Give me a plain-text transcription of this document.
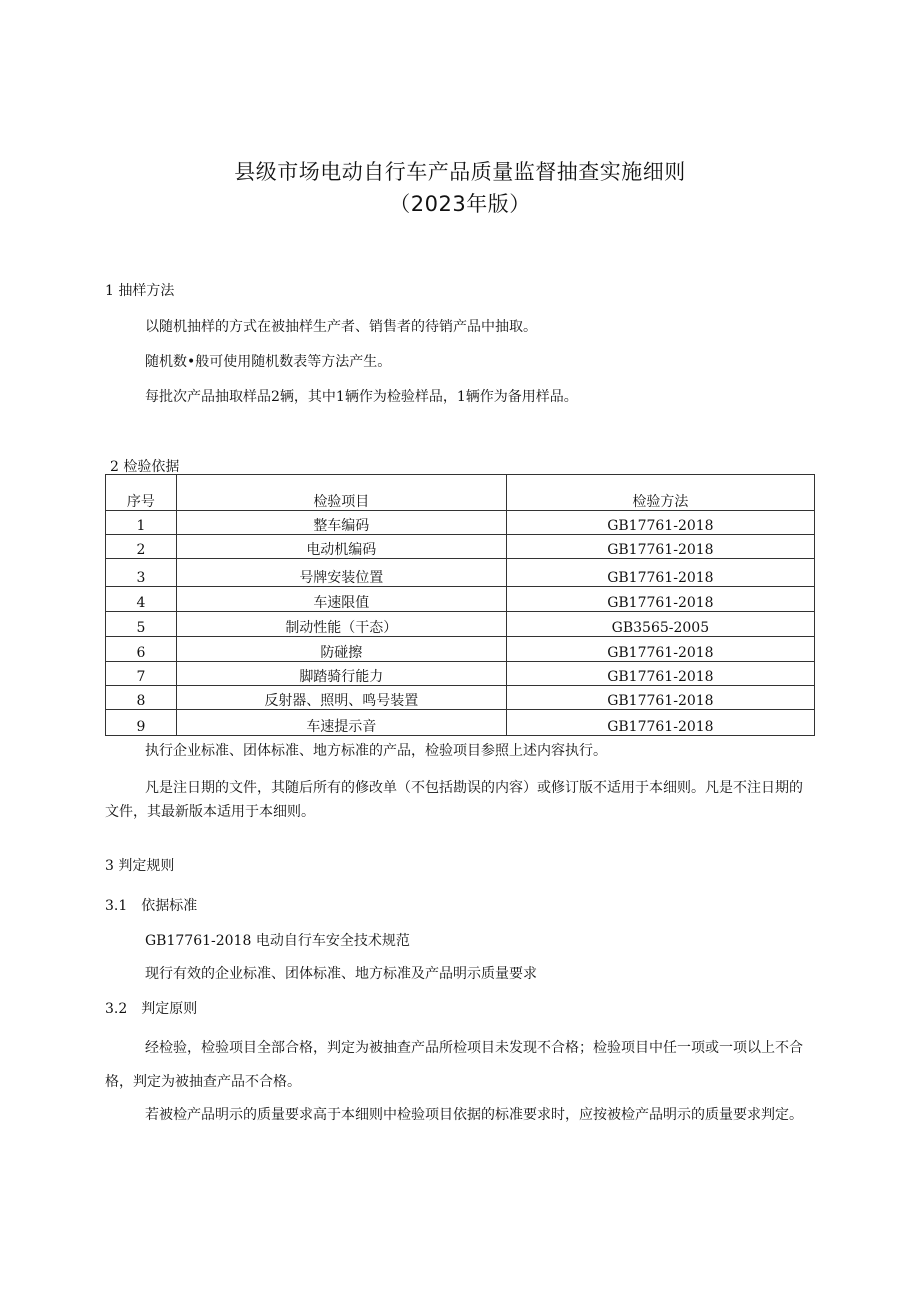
县级市场电动自行车产品质量监督抽查实施细则
（2023年版）
1 抽样方法
以随机抽样的方式在被抽样生产者、销售者的待销产品中抽取。
随机数•般可使用随机数表等方法产生。
每批次产品抽取样品2辆，其中1辆作为检验样品，1辆作为备用样品。
2 检验依据
序号	检验项目	检验方法
1	整车编码	GB17761-2018
2	电动机编码	GB17761-2018
3	号牌安装位置	GB17761-2018
4	车速限值	GB17761-2018
5	制动性能（干态）	GB3565-2005
6	防碰擦	GB17761-2018
7	脚踏骑行能力	GB17761-2018
8	反射器、照明、鸣号装置	GB17761-2018
9	车速提示音	GB17761-2018
执行企业标准、团体标准、地方标准的产品，检验项目参照上述内容执行。
凡是注日期的文件，其随后所有的修改单（不包括勘误的内容）或修订版不适用于本细则。凡是不注日期的文件，其最新版本适用于本细则。
3 判定规则
3.1　依据标准
GB17761-2018 电动自行车安全技术规范
现行有效的企业标准、团体标准、地方标准及产品明示质量要求
3.2　判定原则
经检验，检验项目全部合格，判定为被抽查产品所检项目未发现不合格；检验项目中任一项或一项以上不合格，判定为被抽查产品不合格。
若被检产品明示的质量要求高于本细则中检验项目依据的标准要求时，应按被检产品明示的质量要求判定。
